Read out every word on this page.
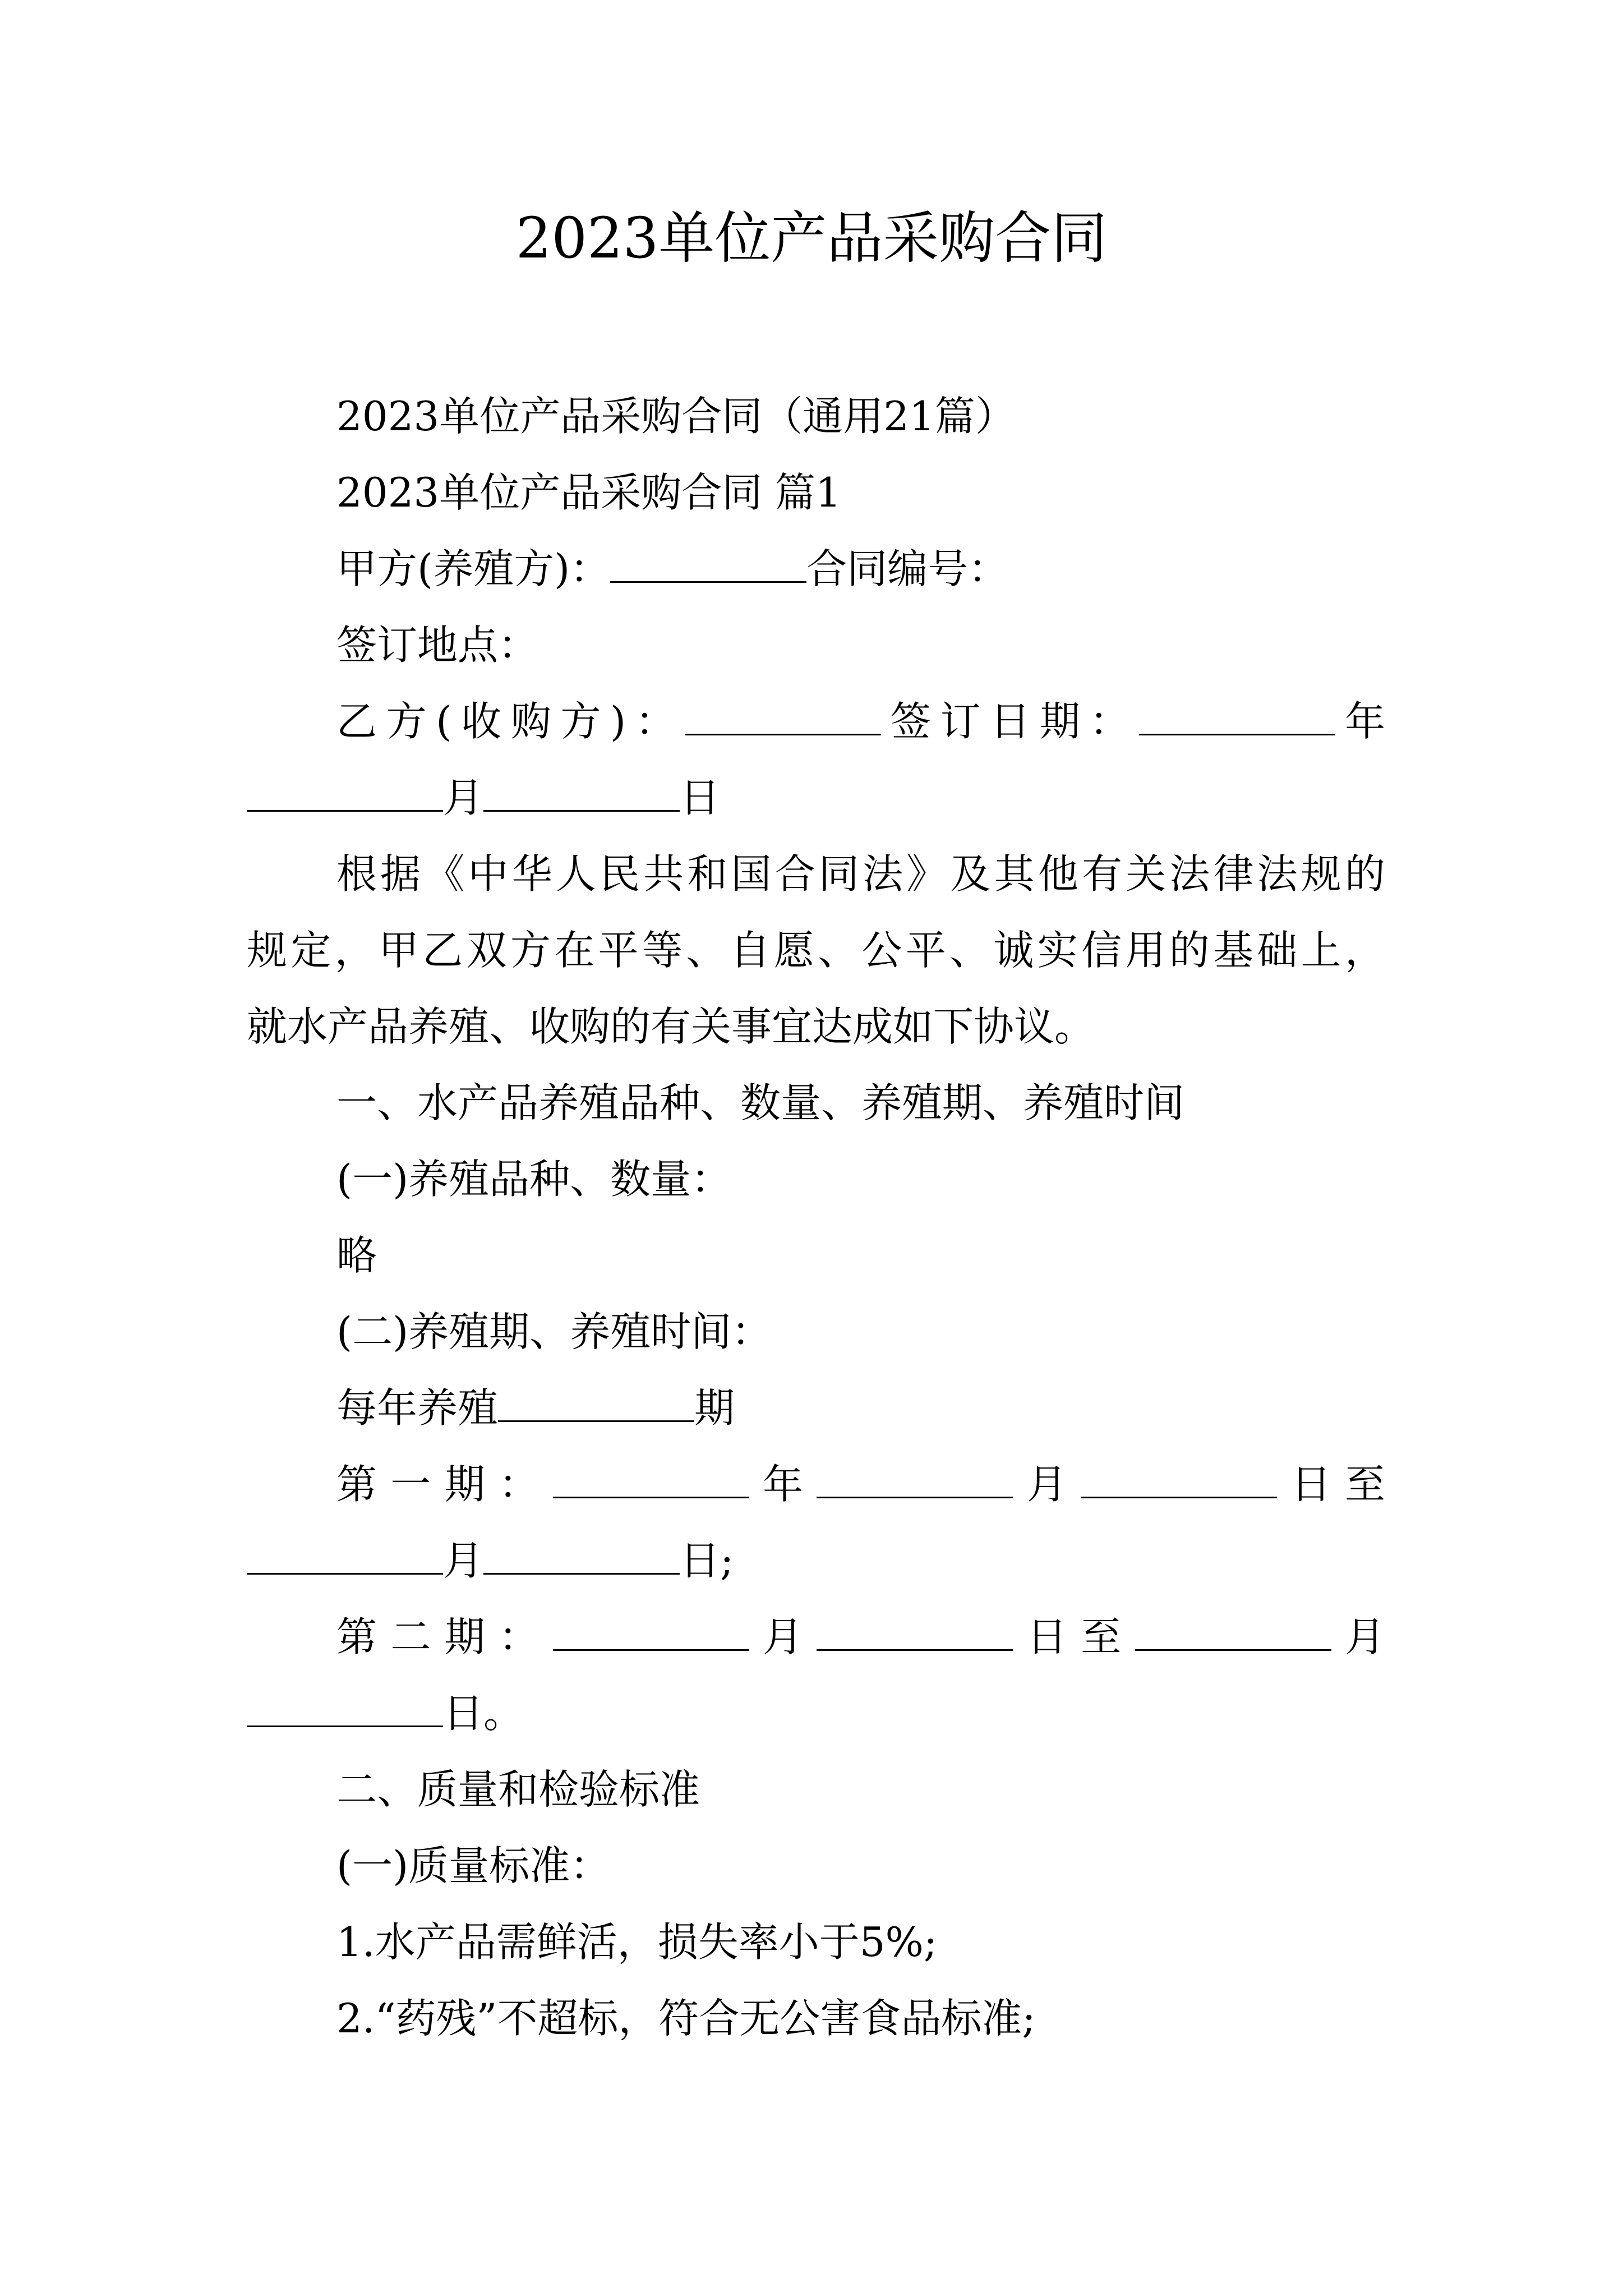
2023单位产品采购合同
2023单位产品采购合同（通用21篇）
2023单位产品采购合同 篇1
甲方(养殖方)：	合同编号：
签订地点：
乙方(收购方)：	签订日期：	年
月	日
根据《中华人民共和国合同法》及其他有关法律法规的
规定，甲乙双方在平等、自愿、公平、诚实信用的基础上，
就水产品养殖、收购的有关事宜达成如下协议。
一、水产品养殖品种、数量、养殖期、养殖时间
(一)养殖品种、数量：
略
(二)养殖期、养殖时间：
每年养殖	期
第一期：	年	月	日至
月	日;
第二期：	月	日至	月
日。
二、质量和检验标准
(一)质量标准：
1.水产品需鲜活，损失率小于5%;
2.“药残”不超标，符合无公害食品标准;
